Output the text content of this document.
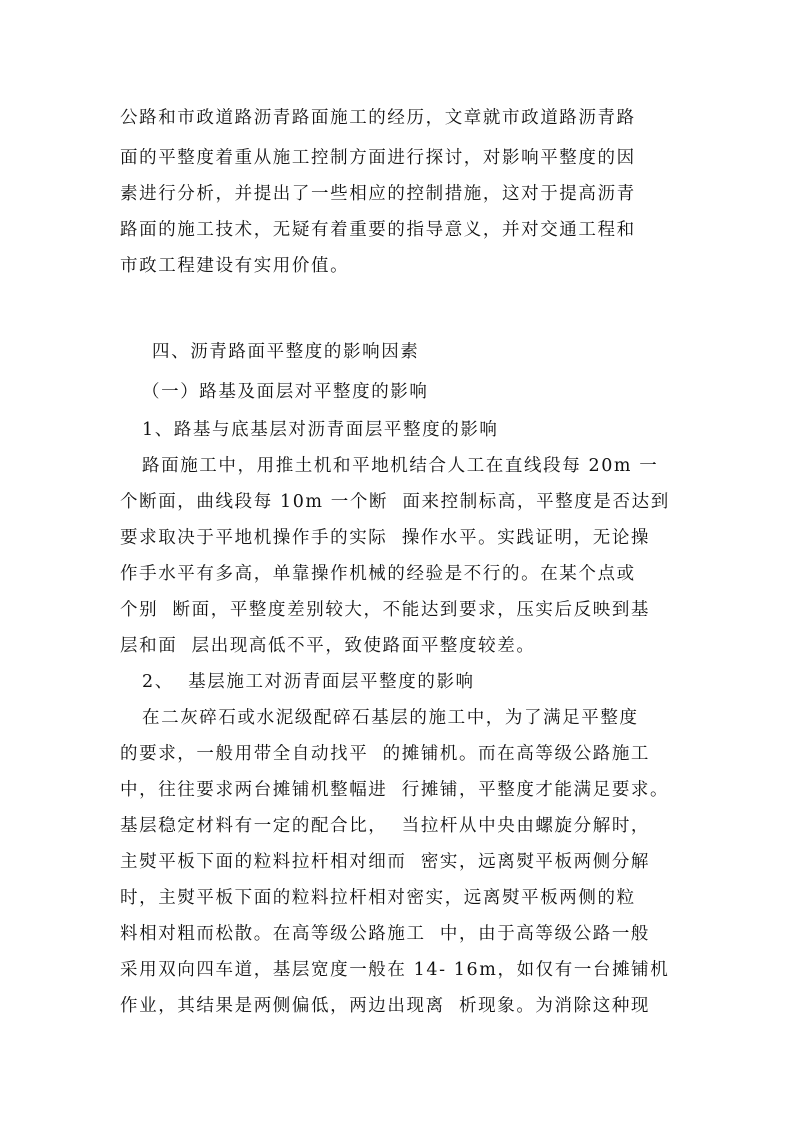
公路和市政道路沥青路面施工的经历，文章就市政道路沥青路
面的平整度着重从施工控制方面进行探讨，对影响平整度的因
素进行分析，并提出了一些相应的控制措施，这对于提高沥青
路面的施工技术，无疑有着重要的指导意义，并对交通工程和
市政工程建设有实用价值。
四、沥青路面平整度的影响因素
（一）路基及面层对平整度的影响
1、路基与底基层对沥青面层平整度的影响
路面施工中，用推土机和平地机结合人工在直线段每 20m 一
个断面，曲线段每 10m 一个断  面来控制标高，平整度是否达到
要求取决于平地机操作手的实际  操作水平。实践证明，无论操
作手水平有多高，单靠操作机械的经验是不行的。在某个点或
个别  断面，平整度差别较大，不能达到要求，压实后反映到基
层和面  层出现高低不平，致使路面平整度较差。
2、  基层施工对沥青面层平整度的影响
在二灰碎石或水泥级配碎石基层的施工中，为了满足平整度
的要求，一般用带全自动找平  的摊铺机。而在高等级公路施工
中，往往要求两台摊铺机整幅进  行摊铺，平整度才能满足要求。
基层稳定材料有一定的配合比，  当拉杆从中央由螺旋分解时，
主熨平板下面的粒料拉杆相对细而  密实，远离熨平板两侧分解
时，主熨平板下面的粒料拉杆相对密实，远离熨平板两侧的粒
料相对粗而松散。在高等级公路施工  中，由于高等级公路一般
采用双向四车道，基层宽度一般在 14- 16m，如仅有一台摊铺机
作业，其结果是两侧偏低，两边出现离  析现象。为消除这种现
